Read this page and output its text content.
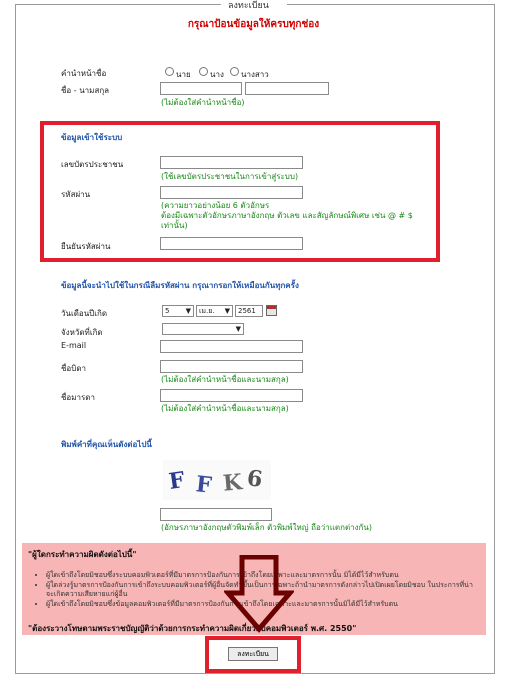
ลงทะเบียน
กรุณาป้อนข้อมูลให้ครบทุกช่อง
คำนำหน้าชื่อ	นาย นาง นางสาว
ชื่อ - นามสกุล
(ไม่ต้องใส่คำนำหน้าชื่อ)
ข้อมูลเข้าใช้ระบบ
เลขบัตรประชาชน
(ใช้เลขบัตรประชาชนในการเข้าสู่ระบบ)
รหัสผ่าน
(ความยาวอย่างน้อย 6 ตัวอักษร
ต้องมีเฉพาะตัวอักษรภาษาอังกฤษ ตัวเลข และสัญลักษณ์พิเศษ เช่น @ # $
เท่านั้น)
ยืนยันรหัสผ่าน
ข้อมูลนี้จะนำไปใช้ในกรณีลืมรหัสผ่าน กรุณากรอกให้เหมือนกันทุกครั้ง
วันเดือนปีเกิด	5 ▼	เม.ย. ▼	2561
จังหวัดที่เกิด	▼
E-mail
ชื่อบิดา
(ไม่ต้องใส่คำนำหน้าชื่อและนามสกุล)
ชื่อมารดา
(ไม่ต้องใส่คำนำหน้าชื่อและนามสกุล)
พิมพ์คำที่คุณเห็นดังต่อไปนี้
F F K 6
(อักษรภาษาอังกฤษตัวพิมพ์เล็ก ตัวพิมพ์ใหญ่ ถือว่าแตกต่างกัน)
"ผู้ใดกระทำความผิดดังต่อไปนี้"
• ผู้ใดเข้าถึงโดยมิชอบซึ่งระบบคอมพิวเตอร์ที่มีมาตรการป้องกันการเข้าถึงโดยเฉพาะและมาตรการนั้น มิได้มีไว้สำหรับตน
• ผู้ใดล่วงรู้มาตรการป้องกันการเข้าถึงระบบคอมพิวเตอร์ที่ผู้อื่นจัดทำขึ้นเป็นการเฉพาะถ้านำมาตรการดังกล่าวไปเปิดเผยโดยมิชอบ ในประการที่น่าจะเกิดความเสียหายแก่ผู้อื่น
• ผู้ใดเข้าถึงโดยมิชอบซึ่งข้อมูลคอมพิวเตอร์ที่มีมาตรการป้องกันการเข้าถึงโดยเฉพาะและมาตรการนั้นมิได้มีไว้สำหรับตน
"ต้องระวางโทษตามพระราชบัญญัติว่าด้วยการกระทำความผิดเกี่ยวกับคอมพิวเตอร์ พ.ศ. 2550"
ลงทะเบียน
